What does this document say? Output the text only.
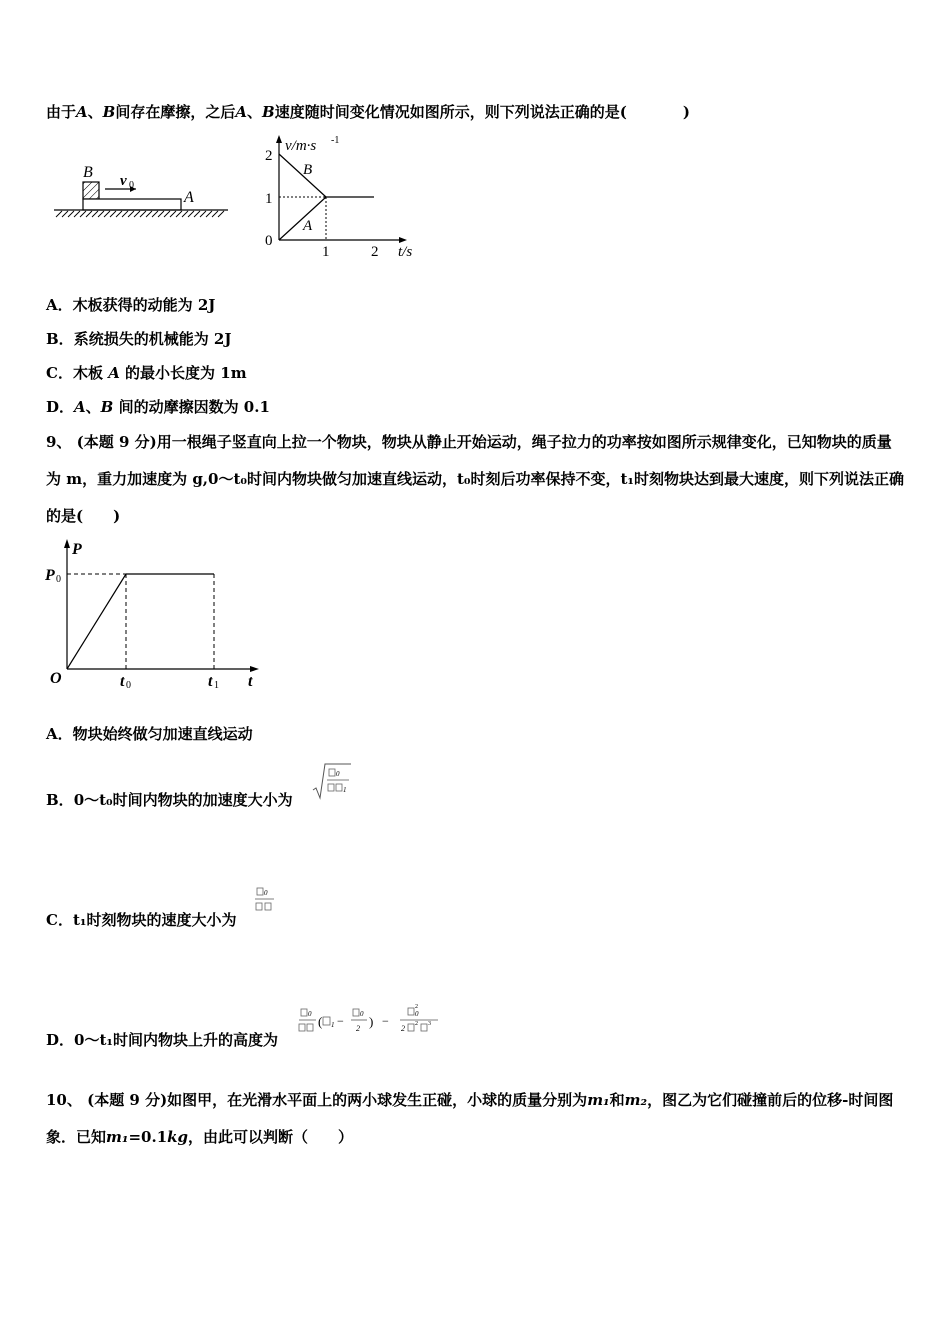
由于A、B间存在摩擦，之后A、B速度随时间变化情况如图所示，则下列说法正确的是(	)
B v 0
A
2
1
0
1	2
v/m·s -1
t/s
B
A
A．木板获得的动能为 2J
B．系统损失的机械能为 2J
C．木板 A 的最小长度为 1m
D．A、B 间的动摩擦因数为 0.1
9、 (本题 9 分)用一根绳子竖直向上拉一个物块，物块从静止开始运动，绳子拉力的功率按如图所示规律变化，已知物块的质量为 m，重力加速度为 g,0～t₀时间内物块做匀加速直线运动，t₀时刻后功率保持不变，t₁时刻物块达到最大速度，则下列说法正确的是(　　)
P
P 0
O	t 0	t 1 t
A．物块始终做匀加速直线运动
B．0～t₀时间内物块的加速度大小为
0
1
C．t₁时刻物块的速度大小为
0
D．0～t₁时间内物块上升的高度为
0 ( 1 − 0
2 ) −
2
0
2 2 3
10、 (本题 9 分)如图甲，在光滑水平面上的两小球发生正碰，小球的质量分别为m₁和m₂，图乙为它们碰撞前后的位移-时间图象．已知m₁=0.1kg，由此可以判断（　　）
